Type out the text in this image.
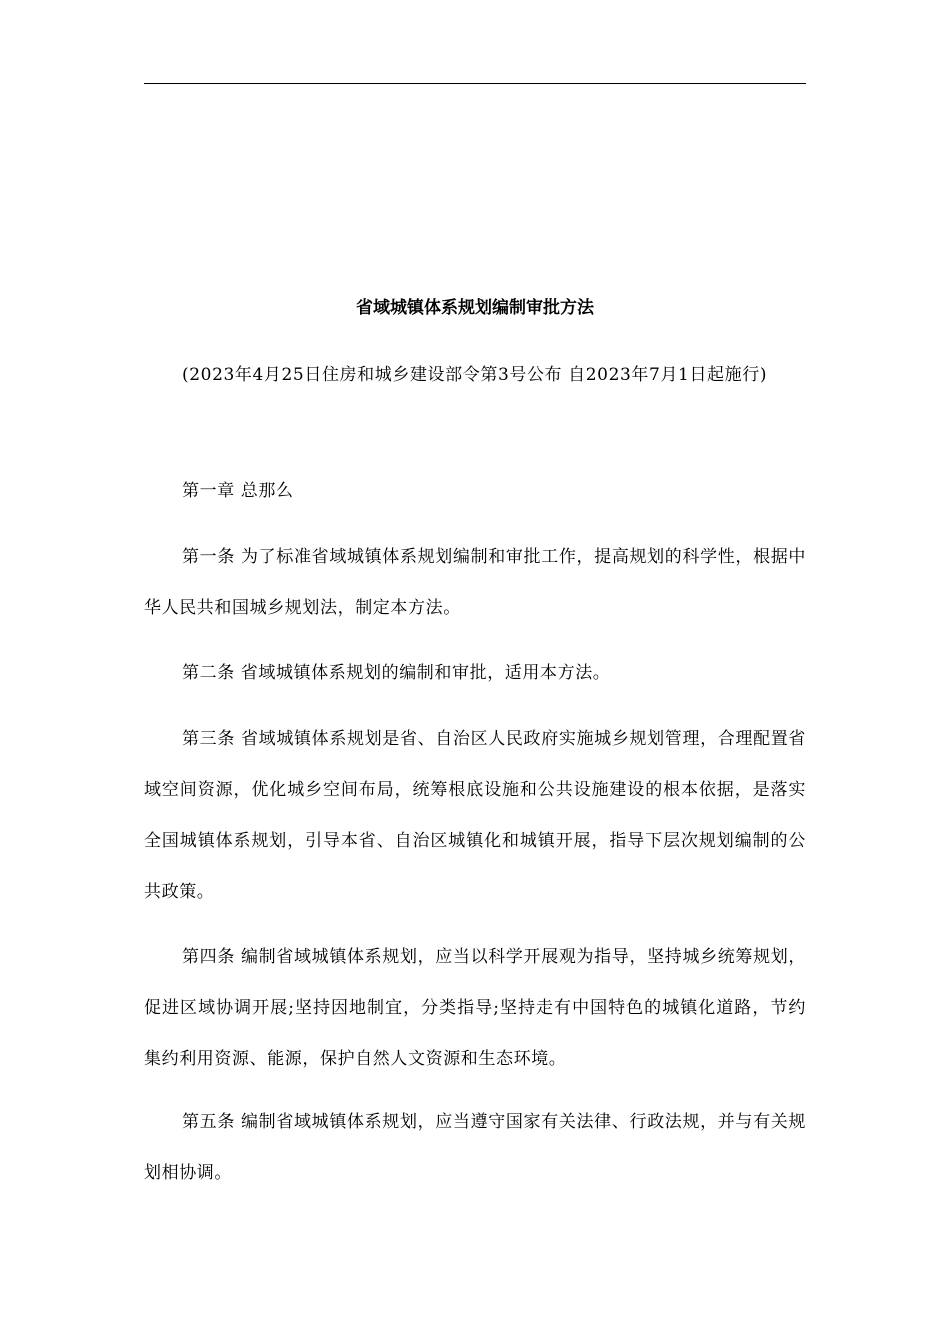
省域城镇体系规划编制审批方法

(2023年4月25日住房和城乡建设部令第3号公布 自2023年7月1日起施行)

第一章 总那么

第一条 为了标准省域城镇体系规划编制和审批工作，提高规划的科学性，根据中华人民共和国城乡规划法，制定本方法。

第二条 省域城镇体系规划的编制和审批，适用本方法。

第三条 省域城镇体系规划是省、自治区人民政府实施城乡规划管理，合理配置省域空间资源，优化城乡空间布局，统筹根底设施和公共设施建设的根本依据，是落实全国城镇体系规划，引导本省、自治区城镇化和城镇开展，指导下层次规划编制的公共政策。

第四条 编制省域城镇体系规划，应当以科学开展观为指导，坚持城乡统筹规划，促进区域协调开展;坚持因地制宜，分类指导;坚持走有中国特色的城镇化道路，节约集约利用资源、能源，保护自然人文资源和生态环境。

第五条 编制省域城镇体系规划，应当遵守国家有关法律、行政法规，并与有关规划相协调。
